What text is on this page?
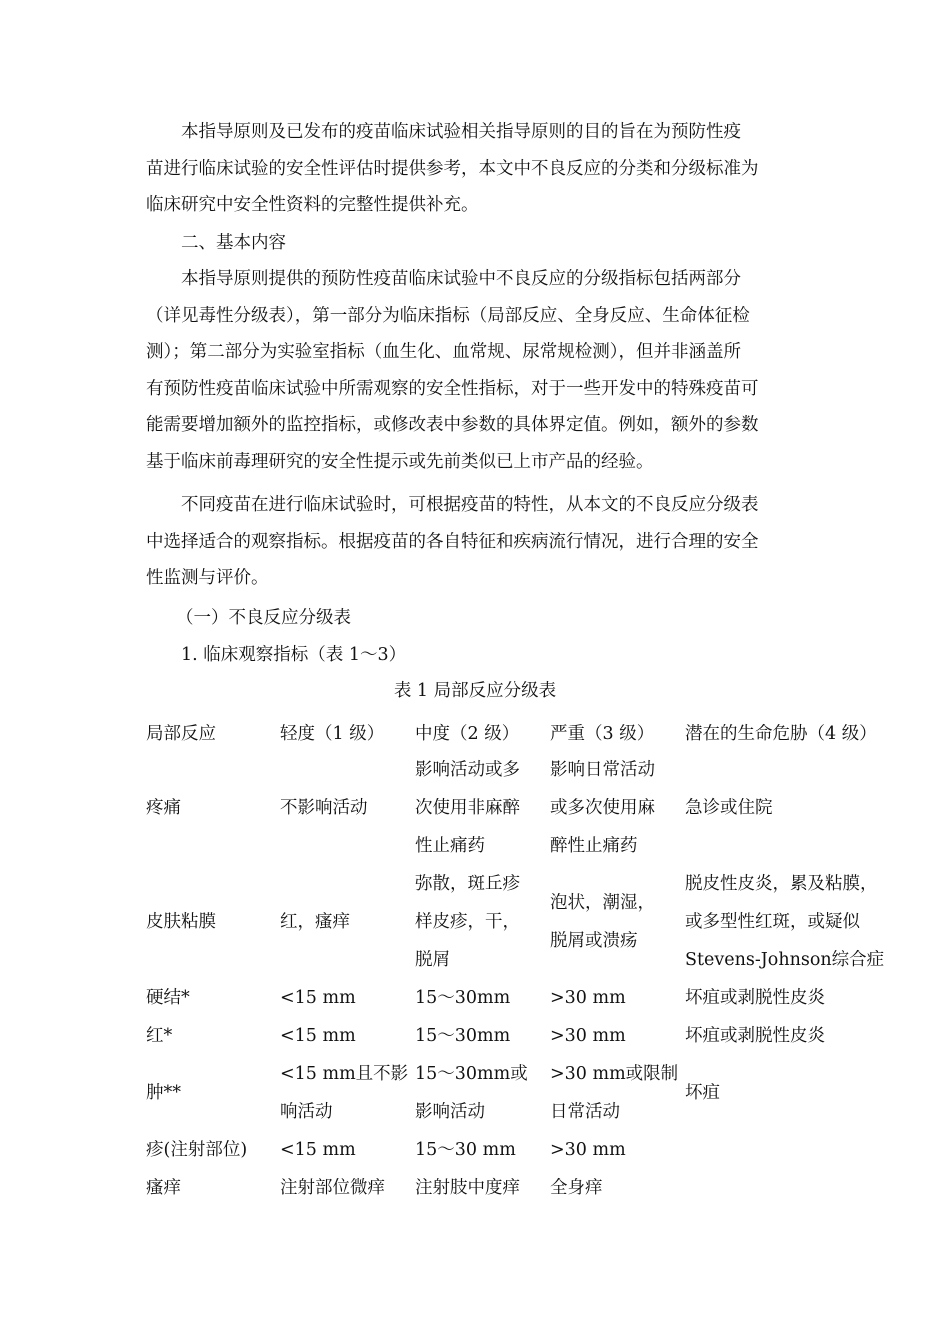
本指导原则及已发布的疫苗临床试验相关指导原则的目的旨在为预防性疫
苗进行临床试验的安全性评估时提供参考，本文中不良反应的分类和分级标准为
临床研究中安全性资料的完整性提供补充。
二、基本内容
本指导原则提供的预防性疫苗临床试验中不良反应的分级指标包括两部分
（详见毒性分级表），第一部分为临床指标（局部反应、全身反应、生命体征检
测）；第二部分为实验室指标（血生化、血常规、尿常规检测），但并非涵盖所
有预防性疫苗临床试验中所需观察的安全性指标，对于一些开发中的特殊疫苗可
能需要增加额外的监控指标，或修改表中参数的具体界定值。例如，额外的参数
基于临床前毒理研究的安全性提示或先前类似已上市产品的经验。
不同疫苗在进行临床试验时，可根据疫苗的特性，从本文的不良反应分级表
中选择适合的观察指标。根据疫苗的各自特征和疾病流行情况，进行合理的安全
性监测与评价。
（一）不良反应分级表
1. 临床观察指标（表 1～3）
表 1 局部反应分级表
局部反应	轻度（1 级）	中度（2 级）	严重（3 级）	潜在的生命危胁（4 级）

疼痛	不影响活动	影响活动或多
次使用非麻醉
性止痛药	影响日常活动
或多次使用麻
醉性止痛药	急诊或住院

皮肤粘膜	红，瘙痒	弥散，斑丘疹
样皮疹，干，
脱屑	泡状，潮湿，
脱屑或溃疡	脱皮性皮炎，累及粘膜，
或多型性红斑，或疑似
Stevens-Johnson综合症

硬结*	<15 mm	15～30mm	>30 mm	坏疽或剥脱性皮炎

红*	<15 mm	15～30mm	>30 mm	坏疽或剥脱性皮炎

肿**	<15 mm且不影
响活动	15～30mm或
影响活动	>30 mm或限制
日常活动	坏疽

疹(注射部位)	<15 mm	15～30 mm	>30 mm	

瘙痒	注射部位微痒	注射肢中度痒	全身痒	
